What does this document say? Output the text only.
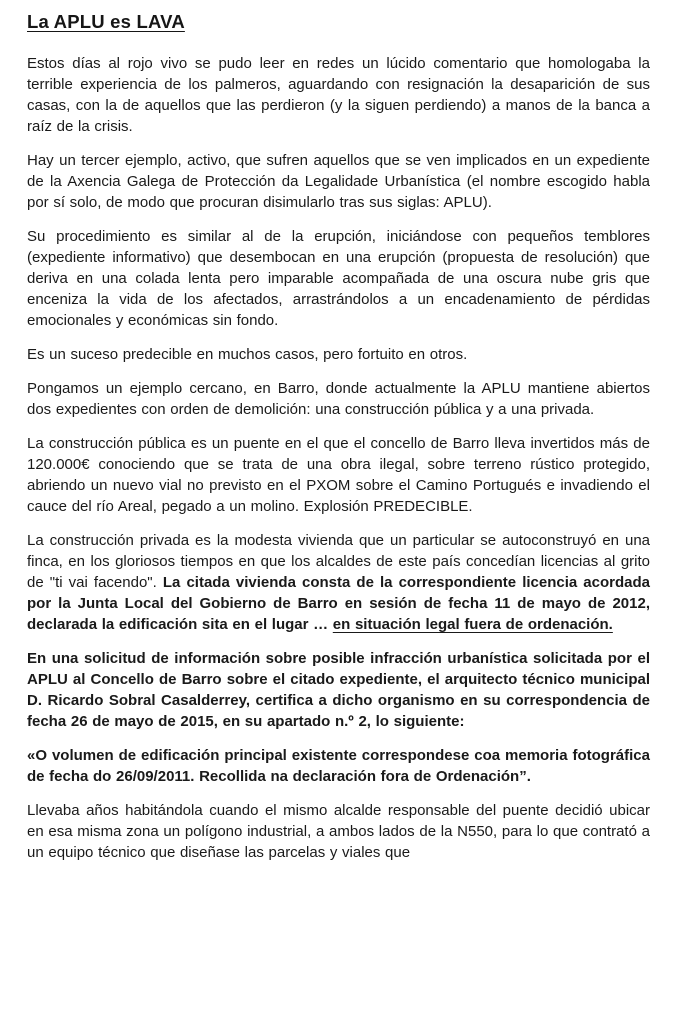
La APLU es LAVA

Estos días al rojo vivo se pudo leer en redes un lúcido comentario que homologaba la terrible experiencia de los palmeros, aguardando con resignación la desaparición de sus casas, con la de aquellos que las perdieron (y la siguen perdiendo) a manos de la banca a raíz de la crisis.

Hay un tercer ejemplo, activo, que sufren aquellos que se ven implicados en un expediente de la Axencia Galega de Protección da Legalidade Urbanística (el nombre escogido habla por sí solo, de modo que procuran disimularlo tras sus siglas: APLU).

Su procedimiento es similar al de la erupción, iniciándose con pequeños temblores (expediente informativo) que desembocan en una erupción (propuesta de resolución) que deriva en una colada lenta pero imparable acompañada de una oscura nube gris que enceniza la vida de los afectados, arrastrándolos a un encadenamiento de pérdidas emocionales y económicas sin fondo.

Es un suceso predecible en muchos casos, pero fortuito en otros.

Pongamos un ejemplo cercano, en Barro, donde actualmente la APLU mantiene abiertos dos expedientes con orden de demolición: una construcción pública y a una privada.

La construcción pública es un puente en el que el concello de Barro lleva invertidos más de 120.000€ conociendo que se trata de una obra ilegal, sobre terreno rústico protegido, abriendo un nuevo vial no previsto en el PXOM sobre el Camino Portugués e invadiendo el cauce del río Areal, pegado a un molino. Explosión PREDECIBLE.

La construcción privada es la modesta vivienda que un particular se autoconstruyó en una finca, en los gloriosos tiempos en que los alcaldes de este país concedían licencias al grito de "ti vai facendo". La citada vivienda consta de la correspondiente licencia acordada por la Junta Local del Gobierno de Barro en sesión de fecha 11 de mayo de 2012, declarada la edificación sita en el lugar … en situación legal fuera de ordenación.

En una solicitud de información sobre posible infracción urbanística solicitada por el APLU al Concello de Barro sobre el citado expediente, el arquitecto técnico municipal D. Ricardo Sobral Casalderrey, certifica a dicho organismo en su correspondencia de fecha 26 de mayo de 2015, en su apartado n.º 2, lo siguiente:

«O volumen de edificación principal existente correspondese coa memoria fotográfica de fecha do 26/09/2011. Recollida na declaración fora de Ordenación”.

Llevaba años habitándola cuando el mismo alcalde responsable del puente decidió ubicar en esa misma zona un polígono industrial, a ambos lados de la N550, para lo que contrató a un equipo técnico que diseñase las parcelas y viales que
